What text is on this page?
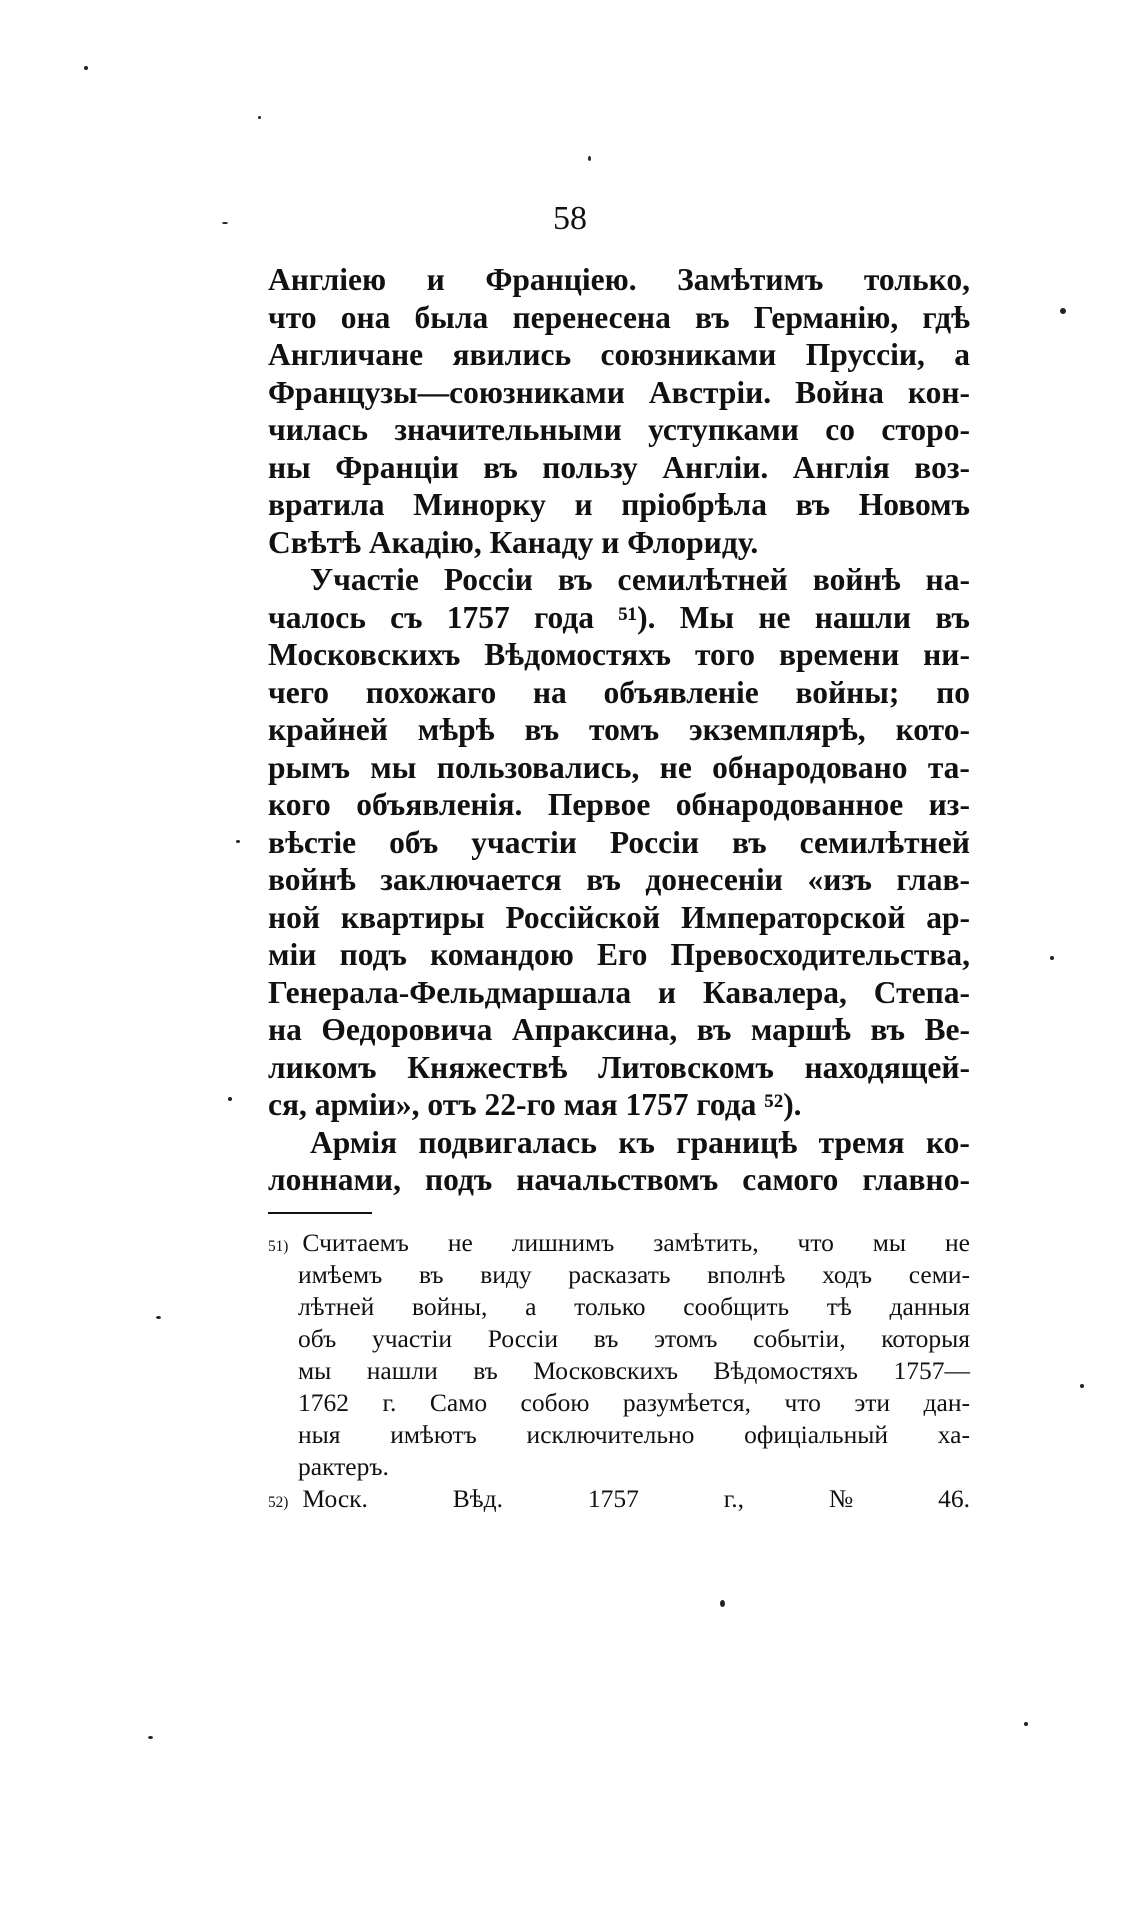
58
Англіею и Франціею. Замѣтимъ только,
что она была перенесена въ Германію, гдѣ
Англичане явились союзниками Пруссіи, а
Французы—союзниками Австріи. Война кон-
чилась значительными уступками со сторо-
ны Франціи въ пользу Англіи. Англія воз-
вратила Минорку и пріобрѣла въ Новомъ
Свѣтѣ Акадію, Канаду и Флориду.
Участіе Россіи въ семилѣтней войнѣ на-
чалось съ 1757 года ⁵¹). Мы не нашли въ
Московскихъ Вѣдомостяхъ того времени ни-
чего похожаго на объявленіе войны; по
крайней мѣрѣ въ томъ экземплярѣ, кото-
рымъ мы пользовались, не обнародовано та-
кого объявленія. Первое обнародованное из-
вѣстіе объ участіи Россіи въ семилѣтней
войнѣ заключается въ донесеніи «изъ глав-
ной квартиры Россійской Императорской ар-
міи подъ командою Его Превосходительства,
Генерала-Фельдмаршала и Кавалера, Степа-
на Өедоровича Апраксина, въ маршѣ въ Ве-
ликомъ Княжествѣ Литовскомъ находящей-
ся, арміи», отъ 22-го мая 1757 года ⁵²).
Армія подвигалась къ границѣ тремя ко-
лоннами, подъ начальствомъ самого главно-
51) Считаемъ не лишнимъ замѣтить, что мы не
имѣемъ въ виду расказать вполнѣ ходъ семи-
лѣтней войны, а только сообщить тѣ данныя
объ участіи Россіи въ этомъ событіи, которыя
мы нашли въ Московскихъ Вѣдомостяхъ 1757—
1762 г. Само собою разумѣется, что эти дан-
ныя имѣютъ исключительно офиціальный ха-
рактеръ.
52) Моск.	Вѣд.	1757	г.,	№	46.
